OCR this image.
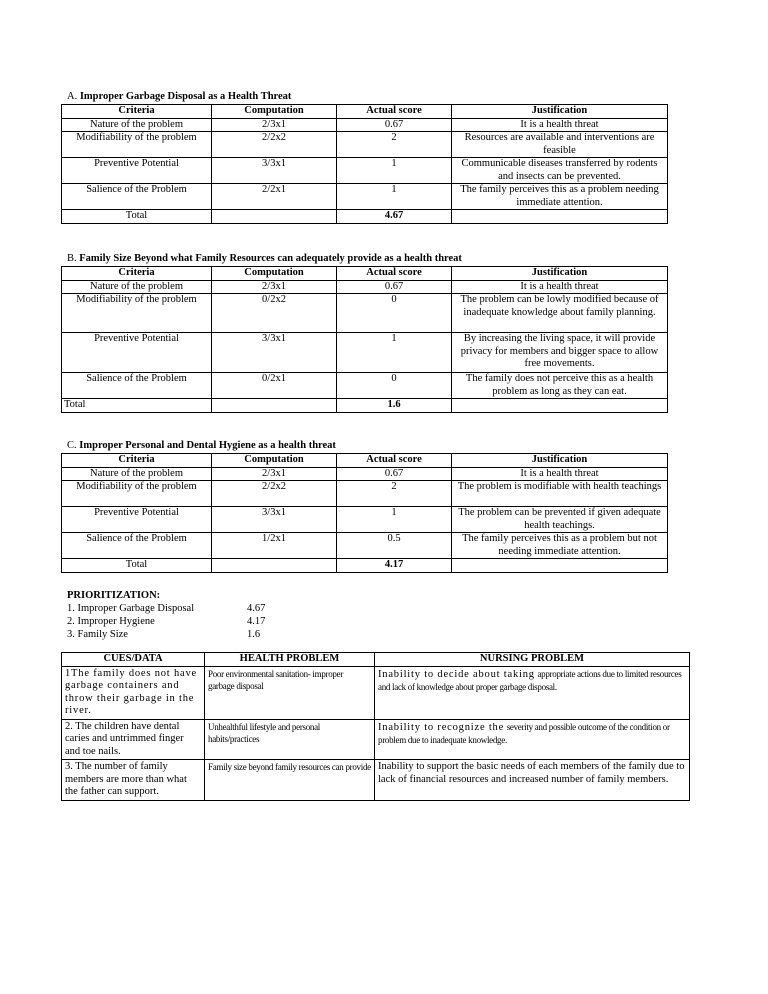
A. Improper Garbage Disposal as a Health Threat
Criteria	Computation	Actual score	Justification
Nature of the problem	2/3x1	0.67	It is a health threat
Modifiability of the problem	2/2x2	2	Resources are available and interventions are feasible
Preventive Potential	3/3x1	1	Communicable diseases transferred by rodents and insects can be prevented.
Salience of the Problem	2/2x1	1	The family perceives this as a problem needing immediate attention.
Total		4.67	
B. Family Size Beyond what Family Resources can adequately provide as a health threat
Criteria	Computation	Actual score	Justification
Nature of the problem	2/3x1	0.67	It is a health threat
Modifiability of the problem	0/2x2	0	The problem can be lowly modified because of inadequate knowledge about family planning.
Preventive Potential	3/3x1	1	By increasing the living space, it will provide privacy for members and bigger space to allow free movements.
Salience of the Problem	0/2x1	0	The family does not perceive this as a health problem as long as they can eat.
Total		1.6	
C. Improper Personal and Dental Hygiene as a health threat
Criteria	Computation	Actual score	Justification
Nature of the problem	2/3x1	0.67	It is a health threat
Modifiability of the problem	2/2x2	2	The problem is modifiable with health teachings
Preventive Potential	3/3x1	1	The problem can be prevented if given adequate health teachings.
Salience of the Problem	1/2x1	0.5	The family perceives this as a problem but not needing immediate attention.
Total		4.17	
PRIORITIZATION:
1. Improper Garbage Disposal	4.67
2. Improper Hygiene	4.17
3. Family Size	1.6
CUES/DATA	HEALTH PROBLEM	NURSING PROBLEM
1The family does not have garbage containers and throw their garbage in the river.	Poor environmental sanitation- improper garbage disposal	Inability to decide about taking appropriate actions due to limited resources and lack of knowledge about proper garbage disposal.
2. The children have dental caries and untrimmed finger and toe nails.	Unhealthful lifestyle and personal habits/practices	Inability to recognize the severity and possible outcome of the condition or problem due to inadequate knowledge.
3. The number of family members are more than what the father can support.	Family size beyond family resources can provide	Inability to support the basic needs of each members of the family due to lack of financial resources and increased number of family members.
